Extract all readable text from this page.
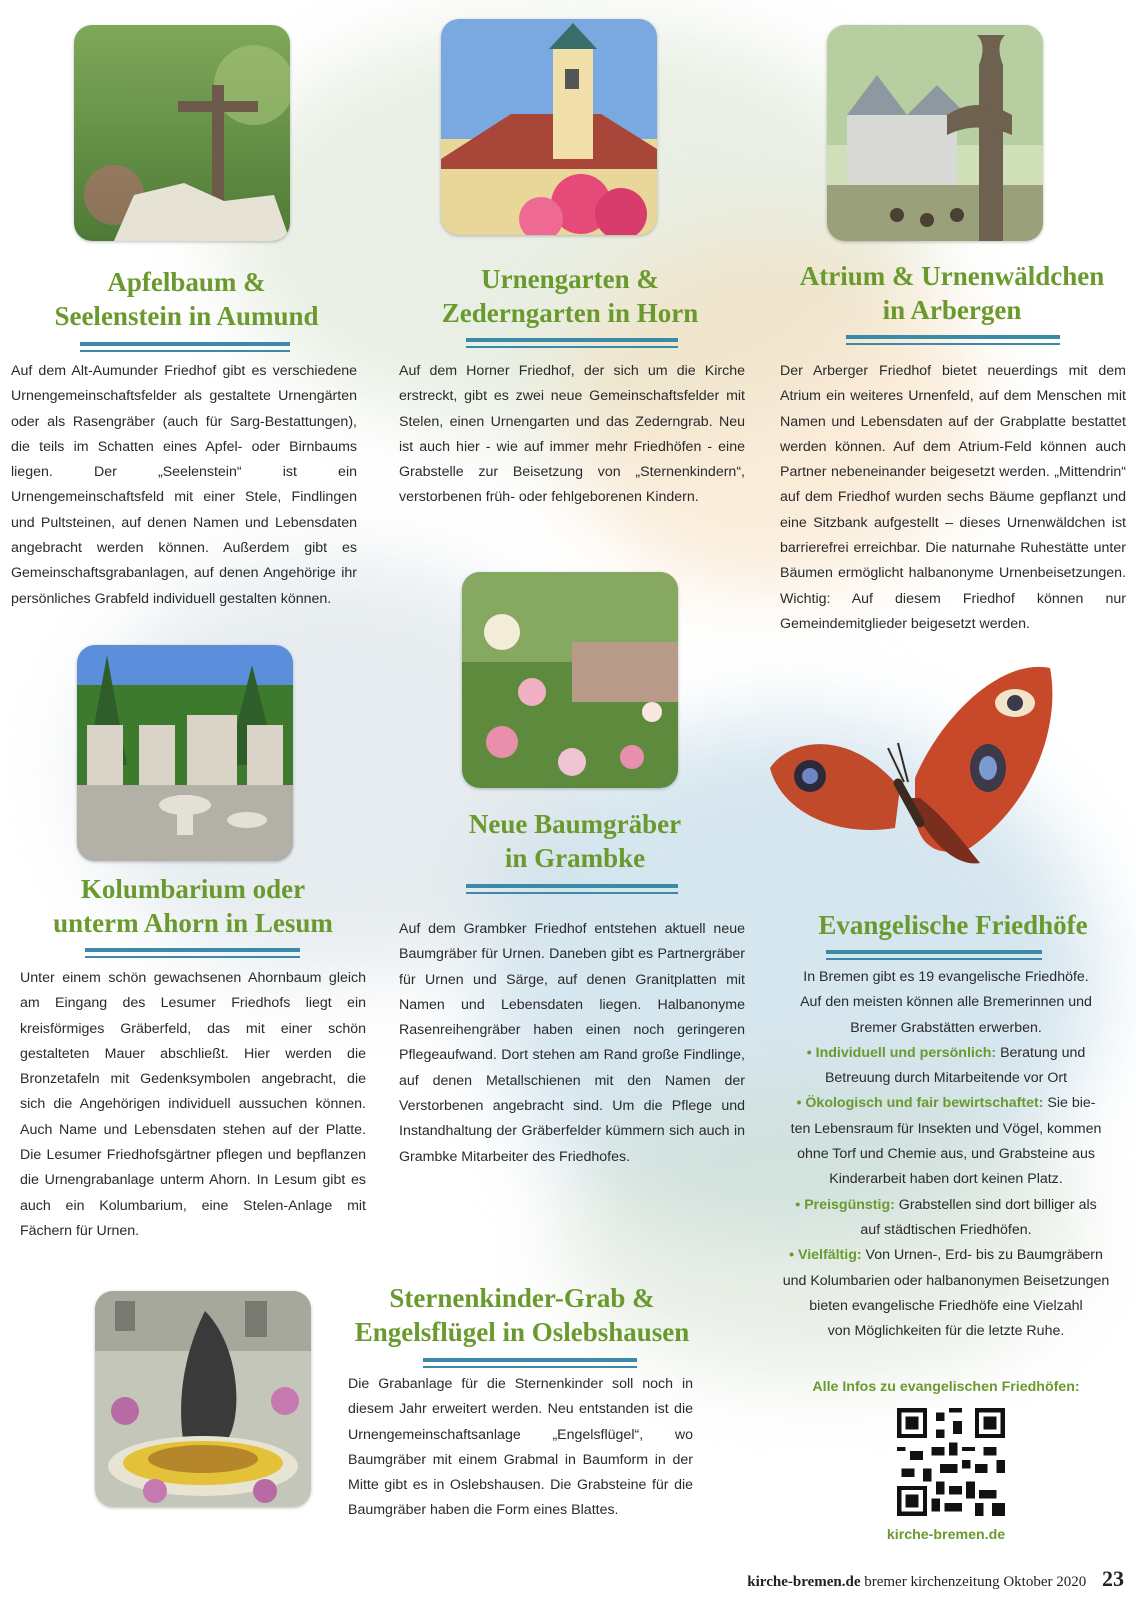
Apfelbaum &
Seelenstein in Aumund
Urnengarten &
Zederngarten in Horn
Atrium & Urnenwäldchen
in Arbergen

Auf dem Alt-Aumunder Friedhof gibt es verschiedene Urnengemeinschaftsfelder als gestaltete Urnengärten oder als Rasengräber (auch für Sarg-Bestattungen), die teils im Schatten eines Apfel- oder Birnbaums liegen. Der „Seelenstein“ ist ein Urnengemeinschaftsfeld mit einer Stele, Findlingen und Pultsteinen, auf denen Namen und Lebensdaten angebracht werden können. Außerdem gibt es Gemeinschaftsgrabanlagen, auf denen Angehörige ihr persönliches Grabfeld individuell gestalten können.

Auf dem Horner Friedhof, der sich um die Kirche erstreckt, gibt es zwei neue Gemeinschaftsfelder mit Stelen, einen Urnengarten und das Zederngrab. Neu ist auch hier - wie auf immer mehr Friedhöfen - eine Grabstelle zur Beisetzung von „Sternenkindern“, verstorbenen früh- oder fehlgeborenen Kindern.

Der Arberger Friedhof bietet neuerdings mit dem Atrium ein weiteres Urnenfeld, auf dem Menschen mit Namen und Lebensdaten auf der Grabplatte bestattet werden können. Auf dem Atrium-Feld können auch Partner nebeneinander beigesetzt werden. „Mittendrin“ auf dem Friedhof wurden sechs Bäume gepflanzt und eine Sitzbank aufgestellt – dieses Urnenwäldchen ist barrierefrei erreichbar. Die naturnahe Ruhestätte unter Bäumen ermöglicht halbanonyme Urnenbeisetzungen. Wichtig: Auf diesem Friedhof können nur Gemeindemitglieder beigesetzt werden.

Neue Baumgräber
in Grambke
Kolumbarium oder
unterm Ahorn in Lesum	Evangelische Friedhöfe

Auf dem Grambker Friedhof entstehen aktuell neue Baumgräber für Urnen. Daneben gibt es Partnergräber für Urnen und Särge, auf denen Granitplatten mit Namen und Lebensdaten liegen. Halbanonyme Rasenreihengräber haben einen noch geringeren Pflegeaufwand. Dort stehen am Rand große Findlinge, auf denen Metallschienen mit den Namen der Verstorbenen angebracht sind. Um die Pflege und Instandhaltung der Gräberfelder kümmern sich auch in Grambke Mitarbeiter des Friedhofes.

Unter einem schön gewachsenen Ahornbaum gleich am Eingang des Lesumer Friedhofs liegt ein kreisförmiges Gräberfeld, das mit einer schön gestalteten Mauer abschließt. Hier werden die Bronzetafeln mit Gedenksymbolen angebracht, die sich die Angehörigen individuell aussuchen können. Auch Name und Lebensdaten stehen auf der Platte. Die Lesumer Friedhofsgärtner pflegen und bepflanzen die Urnengrabanlage unterm Ahorn. In Lesum gibt es auch ein Kolumbarium, eine Stelen-Anlage mit Fächern für Urnen.

In Bremen gibt es 19 evangelische Friedhöfe.

Auf den meisten können alle Bremerinnen und

Bremer Grabstätten erwerben.

• Individuell und persönlich: Beratung und

Betreuung durch Mitarbeitende vor Ort

• Ökologisch und fair bewirtschaftet: Sie bie-

ten Lebensraum für Insekten und Vögel, kommen

ohne Torf und Chemie aus, und Grabsteine aus

Kinderarbeit haben dort keinen Platz.

• Preisgünstig: Grabstellen sind dort billiger als

auf städtischen Friedhöfen.

• Vielfältig: Von Urnen-, Erd- bis zu Baumgräbern

und Kolumbarien oder halbanonymen Beisetzungen

bieten evangelische Friedhöfe eine Vielzahl

von Möglichkeiten für die letzte Ruhe.

Alle Infos zu evangelischen Friedhöfen:
kirche-bremen.de
Sternenkinder-Grab &
Engelsflügel in Oslebshausen

Die Grabanlage für die Sternenkinder soll noch in diesem Jahr erweitert werden. Neu entstanden ist die Urnengemeinschaftsanlage „Engelsflügel“, wo Baumgräber mit einem Grabmal in Baumform in der Mitte gibt es in Oslebshausen. Die Grabsteine für die Baumgräber haben die Form eines Blattes.

kirche-bremen.de bremer kirchenzeitung Oktober 2020 23
